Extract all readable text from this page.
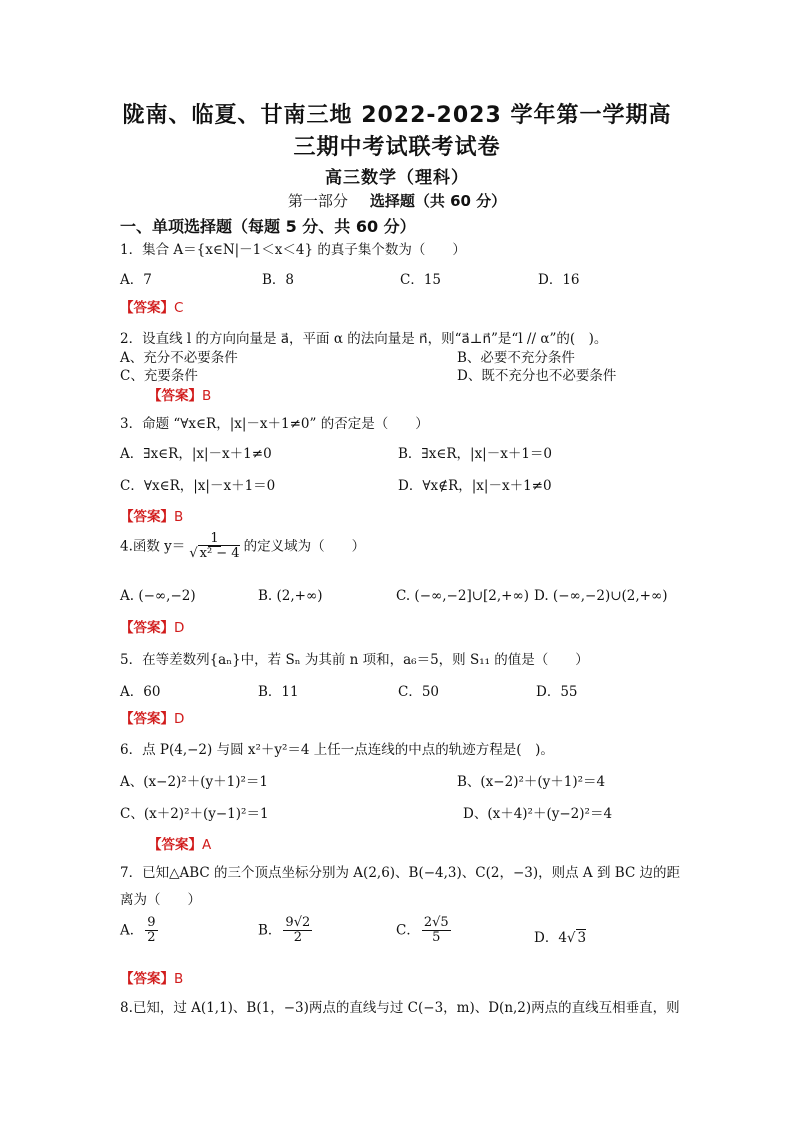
陇南、临夏、甘南三地 2022-2023 学年第一学期高
三期中考试联考试卷
高三数学（理科）
第一部分 选择题（共 60 分）
一、单项选择题（每题 5 分、共 60 分）
1．集合 A＝{x∈N|－1＜x＜4} 的真子集个数为（　　）
A．7	B．8	C．15	D．16
【答案】C
2．设直线 l 的方向向量是 a⃗，平面 α 的法向量是 n⃗，则“a⃗⊥n⃗”是“l // α”的(　)。
A、充分不必要条件	B、必要不充分条件
C、充要条件	D、既不充分也不必要条件
【答案】B
3．命题 “∀x∈R，|x|－x＋1≠0” 的否定是（　　）
A．∃x∈R，|x|－x＋1≠0	B．∃x∈R，|x|－x＋1＝0
C．∀x∈R，|x|－x＋1＝0	D．∀x∉R，|x|－x＋1≠0
【答案】B
4.函数 $y= \frac{1}{\text{√ x² − 4}}$ 的定义域为（　　）
A. (−∞,−2)	B. (2,+∞)	C. (−∞,−2]∪[2,+∞) D. (−∞,−2)∪(2,+∞)
【答案】D
5．在等差数列{aₙ}中，若 Sₙ 为其前 n 项和，a₆＝5，则 S₁₁ 的值是（　　）
A．60	B．11	C．50	D．55
【答案】D
6．点 P(4,−2) 与圆 x²＋y²＝4 上任一点连线的中点的轨迹方程是(　)。
A、(x−2)²＋(y＋1)²＝1	B、(x−2)²＋(y＋1)²＝4
C、(x＋2)²＋(y−1)²＝1	D、(x＋4)²＋(y−2)²＝4
【答案】A
7．已知△ABC 的三个顶点坐标分别为 A(2,6)、B(−4,3)、C(2，−3)，则点 A 到 BC 边的距
离为（　　）
A． $\frac{9}{2}$	B． $\frac{9√2}{2}$	C． $\frac{2√5}{5}$	D．4√ 3
【答案】B
8.已知，过 A(1,1)、B(1，−3)两点的直线与过 C(−3，m)、D(n,2)两点的直线互相垂直，则
